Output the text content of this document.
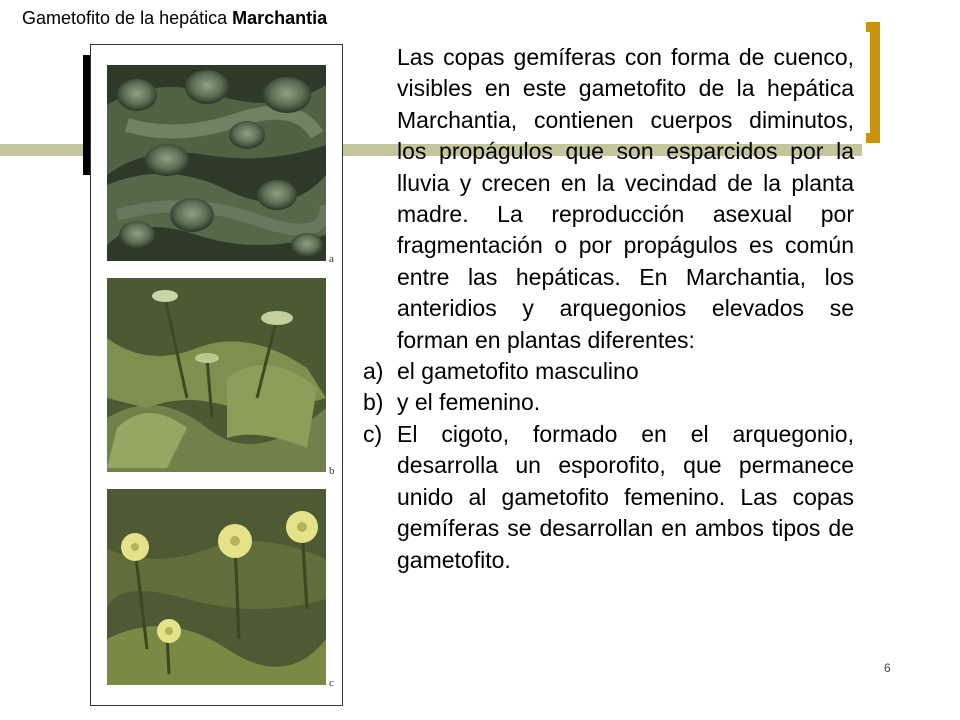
Gametofito de la hepática Marchantia
a
b
c
Las copas gemíferas con forma de cuenco, visibles en este gametofito de la hepática Marchantia, contienen cuerpos diminutos, los propágulos que son esparcidos por la lluvia y crecen en la vecindad de la planta madre. La reproducción asexual por fragmentación o por propágulos es común entre las hepáticas. En Marchantia, los anteridios y arquegonios elevados se forman en plantas diferentes:
a) el gametofito masculino
b) y el femenino.
c) El cigoto, formado en el arquegonio, desarrolla un esporofito, que permanece unido al gametofito femenino. Las copas gemíferas se desarrollan en ambos tipos de gametofito.
6
